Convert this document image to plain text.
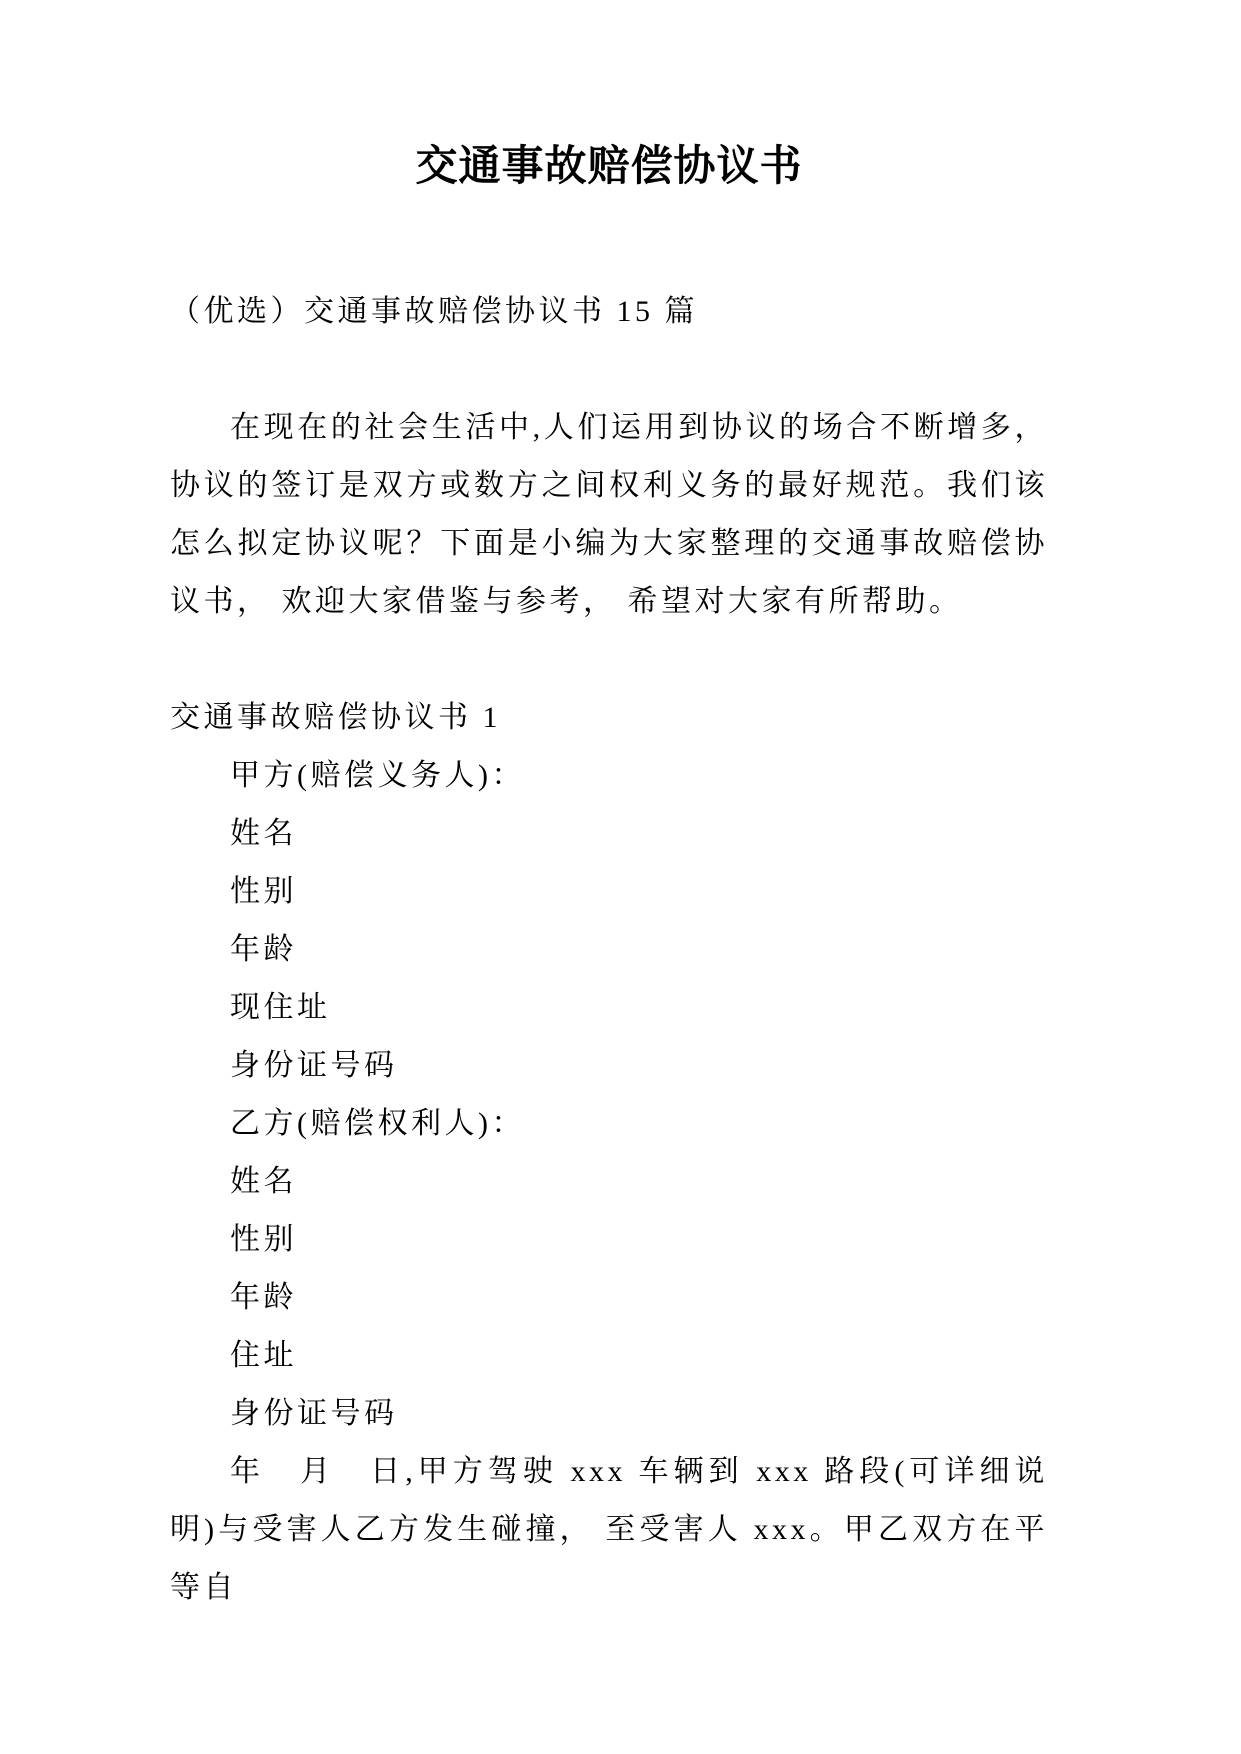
交通事故赔偿协议书

（优选）交通事故赔偿协议书 15 篇

在现在的社会生活中,人们运用到协议的场合不断增多，协议的签订是双方或数方之间权利义务的最好规范。我们该怎么拟定协议呢？下面是小编为大家整理的交通事故赔偿协议书， 欢迎大家借鉴与参考， 希望对大家有所帮助。

交通事故赔偿协议书 1

甲方(赔偿义务人)：

姓名

性别

年龄

现住址

身份证号码

乙方(赔偿权利人)：

姓名

性别

年龄

住址

身份证号码

年　月　日,甲方驾驶 xxx 车辆到 xxx 路段(可详细说明)与受害人乙方发生碰撞， 至受害人 xxx。甲乙双方在平等自
